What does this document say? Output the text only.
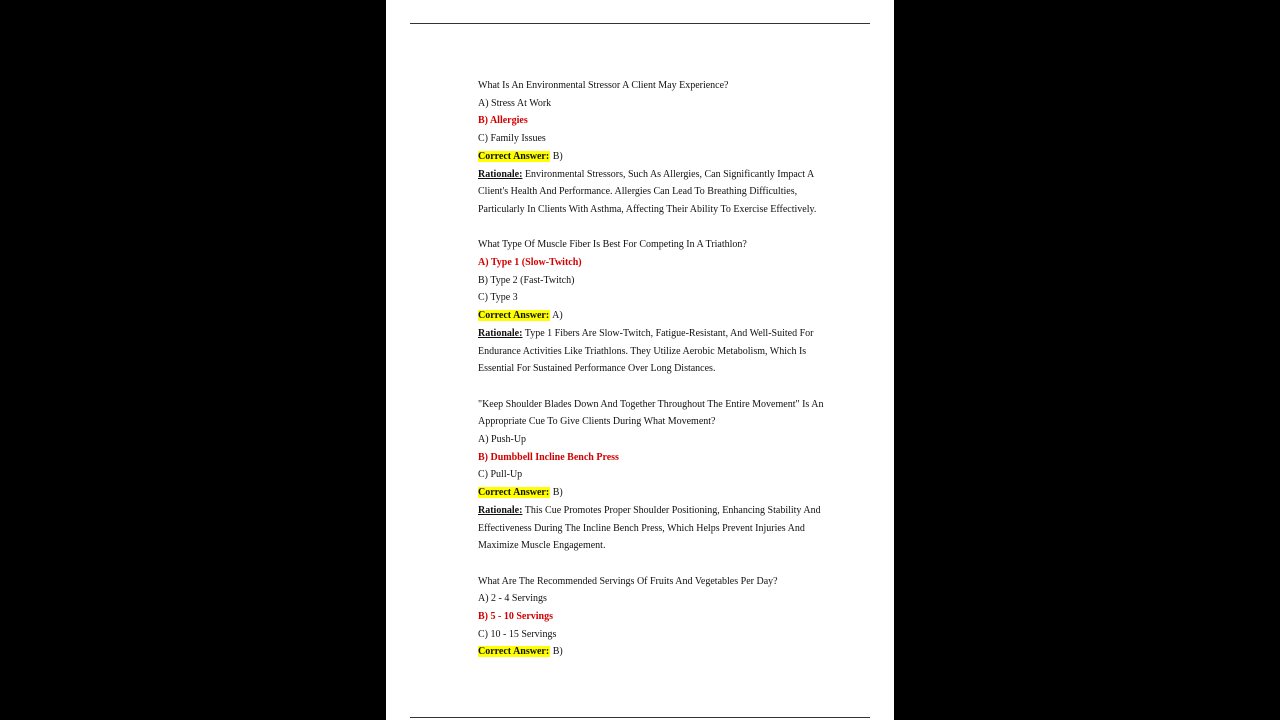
What Is An Environmental Stressor A Client May Experience?
A) Stress At Work
B) Allergies
C) Family Issues
Correct Answer: B)
Rationale: Environmental Stressors, Such As Allergies, Can Significantly Impact A Client's Health And Performance. Allergies Can Lead To Breathing Difficulties, Particularly In Clients With Asthma, Affecting Their Ability To Exercise Effectively.
What Type Of Muscle Fiber Is Best For Competing In A Triathlon?
A) Type 1 (Slow-Twitch)
B) Type 2 (Fast-Twitch)
C) Type 3
Correct Answer: A)
Rationale: Type 1 Fibers Are Slow-Twitch, Fatigue-Resistant, And Well-Suited For Endurance Activities Like Triathlons. They Utilize Aerobic Metabolism, Which Is Essential For Sustained Performance Over Long Distances.
"Keep Shoulder Blades Down And Together Throughout The Entire Movement" Is An Appropriate Cue To Give Clients During What Movement?
A) Push-Up
B) Dumbbell Incline Bench Press
C) Pull-Up
Correct Answer: B)
Rationale: This Cue Promotes Proper Shoulder Positioning, Enhancing Stability And Effectiveness During The Incline Bench Press, Which Helps Prevent Injuries And Maximize Muscle Engagement.
What Are The Recommended Servings Of Fruits And Vegetables Per Day?
A) 2 - 4 Servings
B) 5 - 10 Servings
C) 10 - 15 Servings
Correct Answer: B)
